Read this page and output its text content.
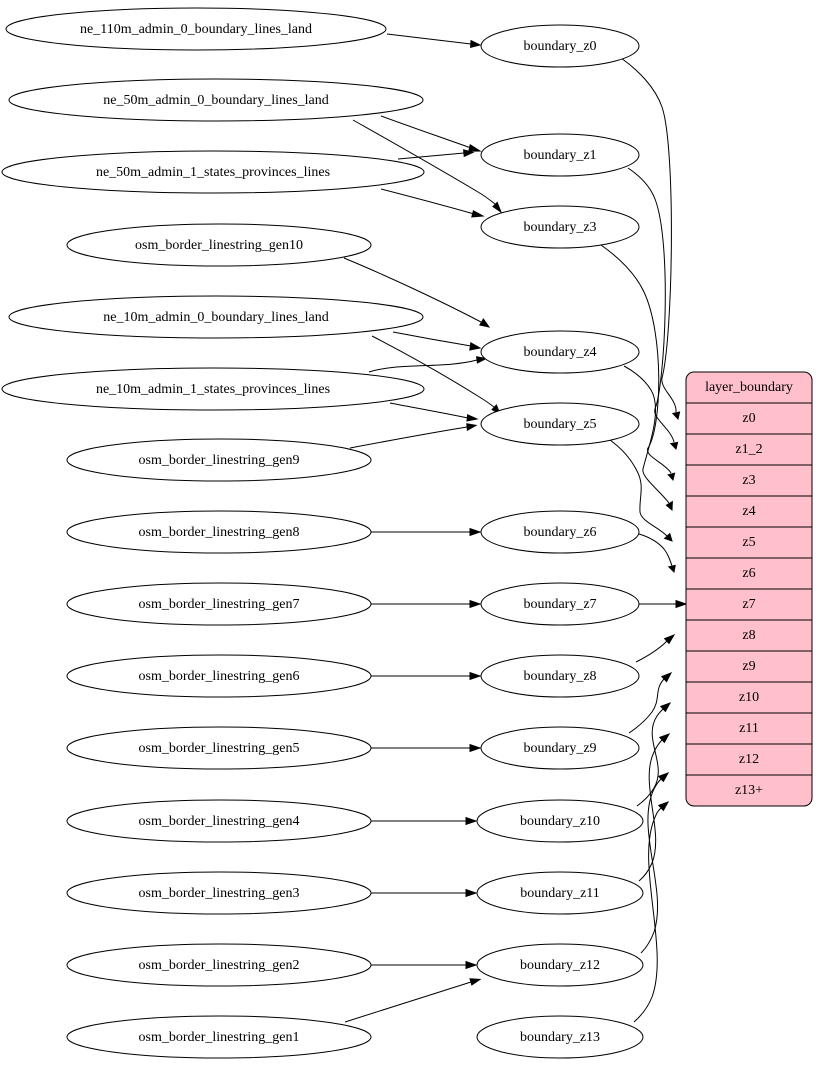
ne_110m_admin_0_boundary_lines_land
ne_50m_admin_0_boundary_lines_land
ne_50m_admin_1_states_provinces_lines
osm_border_linestring_gen10
ne_10m_admin_0_boundary_lines_land
ne_10m_admin_1_states_provinces_lines
osm_border_linestring_gen9
osm_border_linestring_gen8
osm_border_linestring_gen7
osm_border_linestring_gen6
osm_border_linestring_gen5
osm_border_linestring_gen4
osm_border_linestring_gen3
osm_border_linestring_gen2
osm_border_linestring_gen1
boundary_z0
boundary_z1
boundary_z3
boundary_z4
boundary_z5
boundary_z6
boundary_z7
boundary_z8
boundary_z9
boundary_z10
boundary_z11
boundary_z12
boundary_z13
layer_boundary
z0
z1_2
z3
z4
z5
z6
z7
z8
z9
z10
z11
z12
z13+
